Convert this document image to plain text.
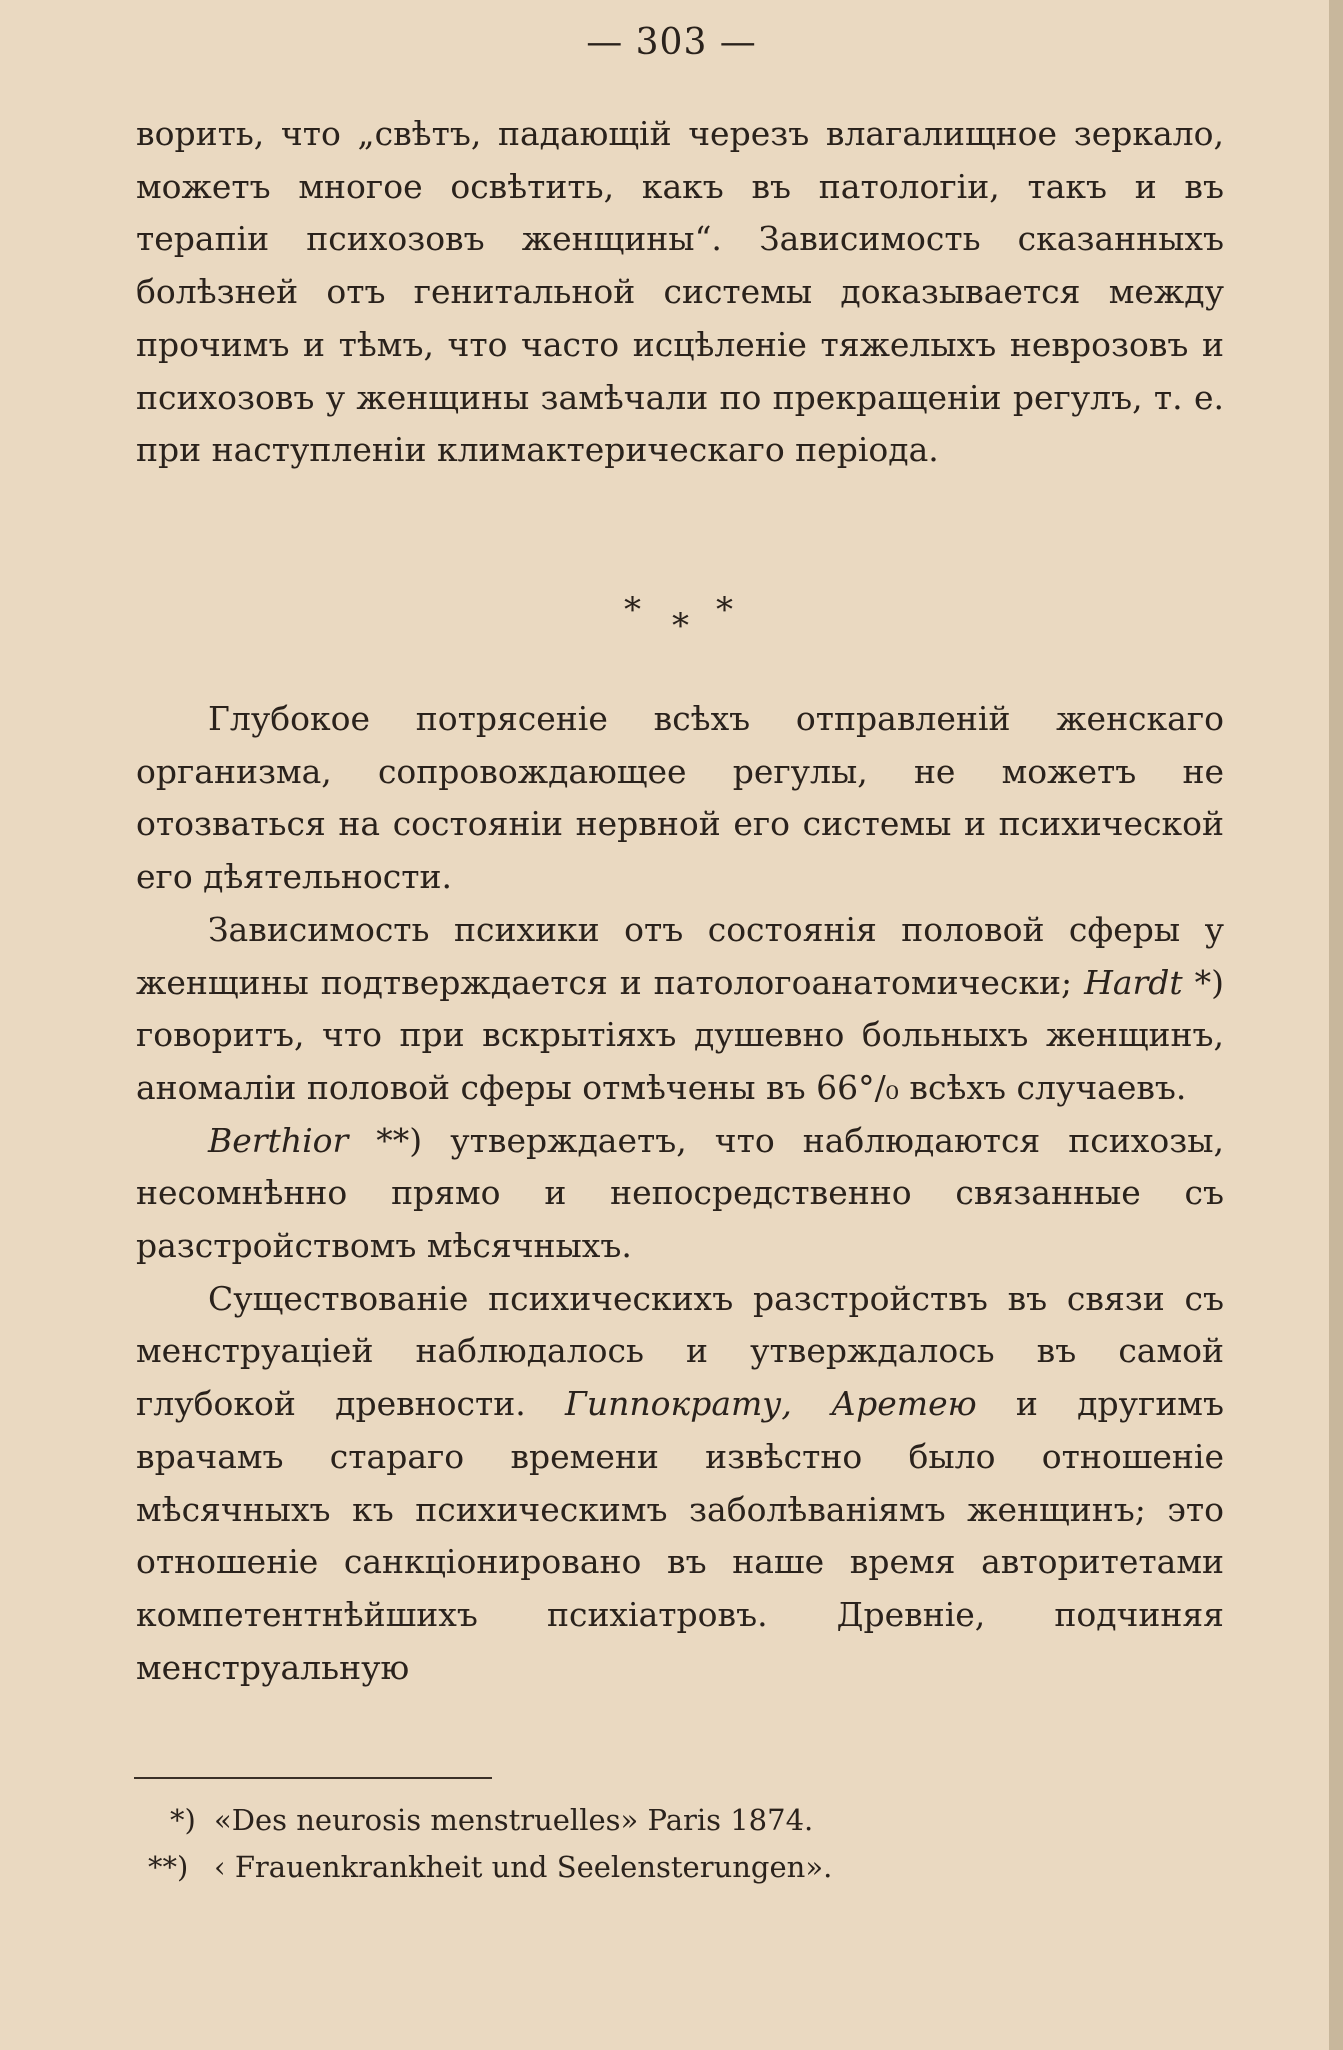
— 303 —

ворить, что „свѣтъ, падающій черезъ влагалищное зеркало, можетъ многое освѣтить, какъ въ патологіи, такъ и въ терапіи психозовъ женщины“. Зависимость сказанныхъ болѣзней отъ генитальной системы доказывается между прочимъ и тѣмъ, что часто исцѣленіе тяжелыхъ неврозовъ и психозовъ у женщины замѣчали по прекращеніи регулъ, т. е. при наступленіи климактерическаго періода.

* * *

Глубокое потрясеніе всѣхъ отправленій женскаго организма, сопровождающее регулы, не можетъ не отозваться на состояніи нервной его системы и психической его дѣятельности.

Зависимость психики отъ состоянія половой сферы у женщины подтверждается и патологоанатомически; Hardt *) говоритъ, что при вскрытіяхъ душевно больныхъ женщинъ, аномаліи половой сферы отмѣчены въ 66°/₀ всѣхъ случаевъ.

Berthior **) утверждаетъ, что наблюдаются психозы, несомнѣнно прямо и непосредственно связанные съ разстройствомъ мѣсячныхъ.

Существованіе психическихъ разстройствъ въ связи съ менструаціей наблюдалось и утверждалось въ самой глубокой древности. Гиппократу, Аретею и другимъ врачамъ стараго времени извѣстно было отношеніе мѣсячныхъ къ психическимъ заболѣваніямъ женщинъ; это отношеніе санкціонировано въ наше время авторитетами компетентнѣйшихъ психіатровъ. Древніе, подчиняя менструальную

*) «Des neurosis menstruelles» Paris 1874.
**) ‹ Frauenkrankheit und Seelensterungen».
